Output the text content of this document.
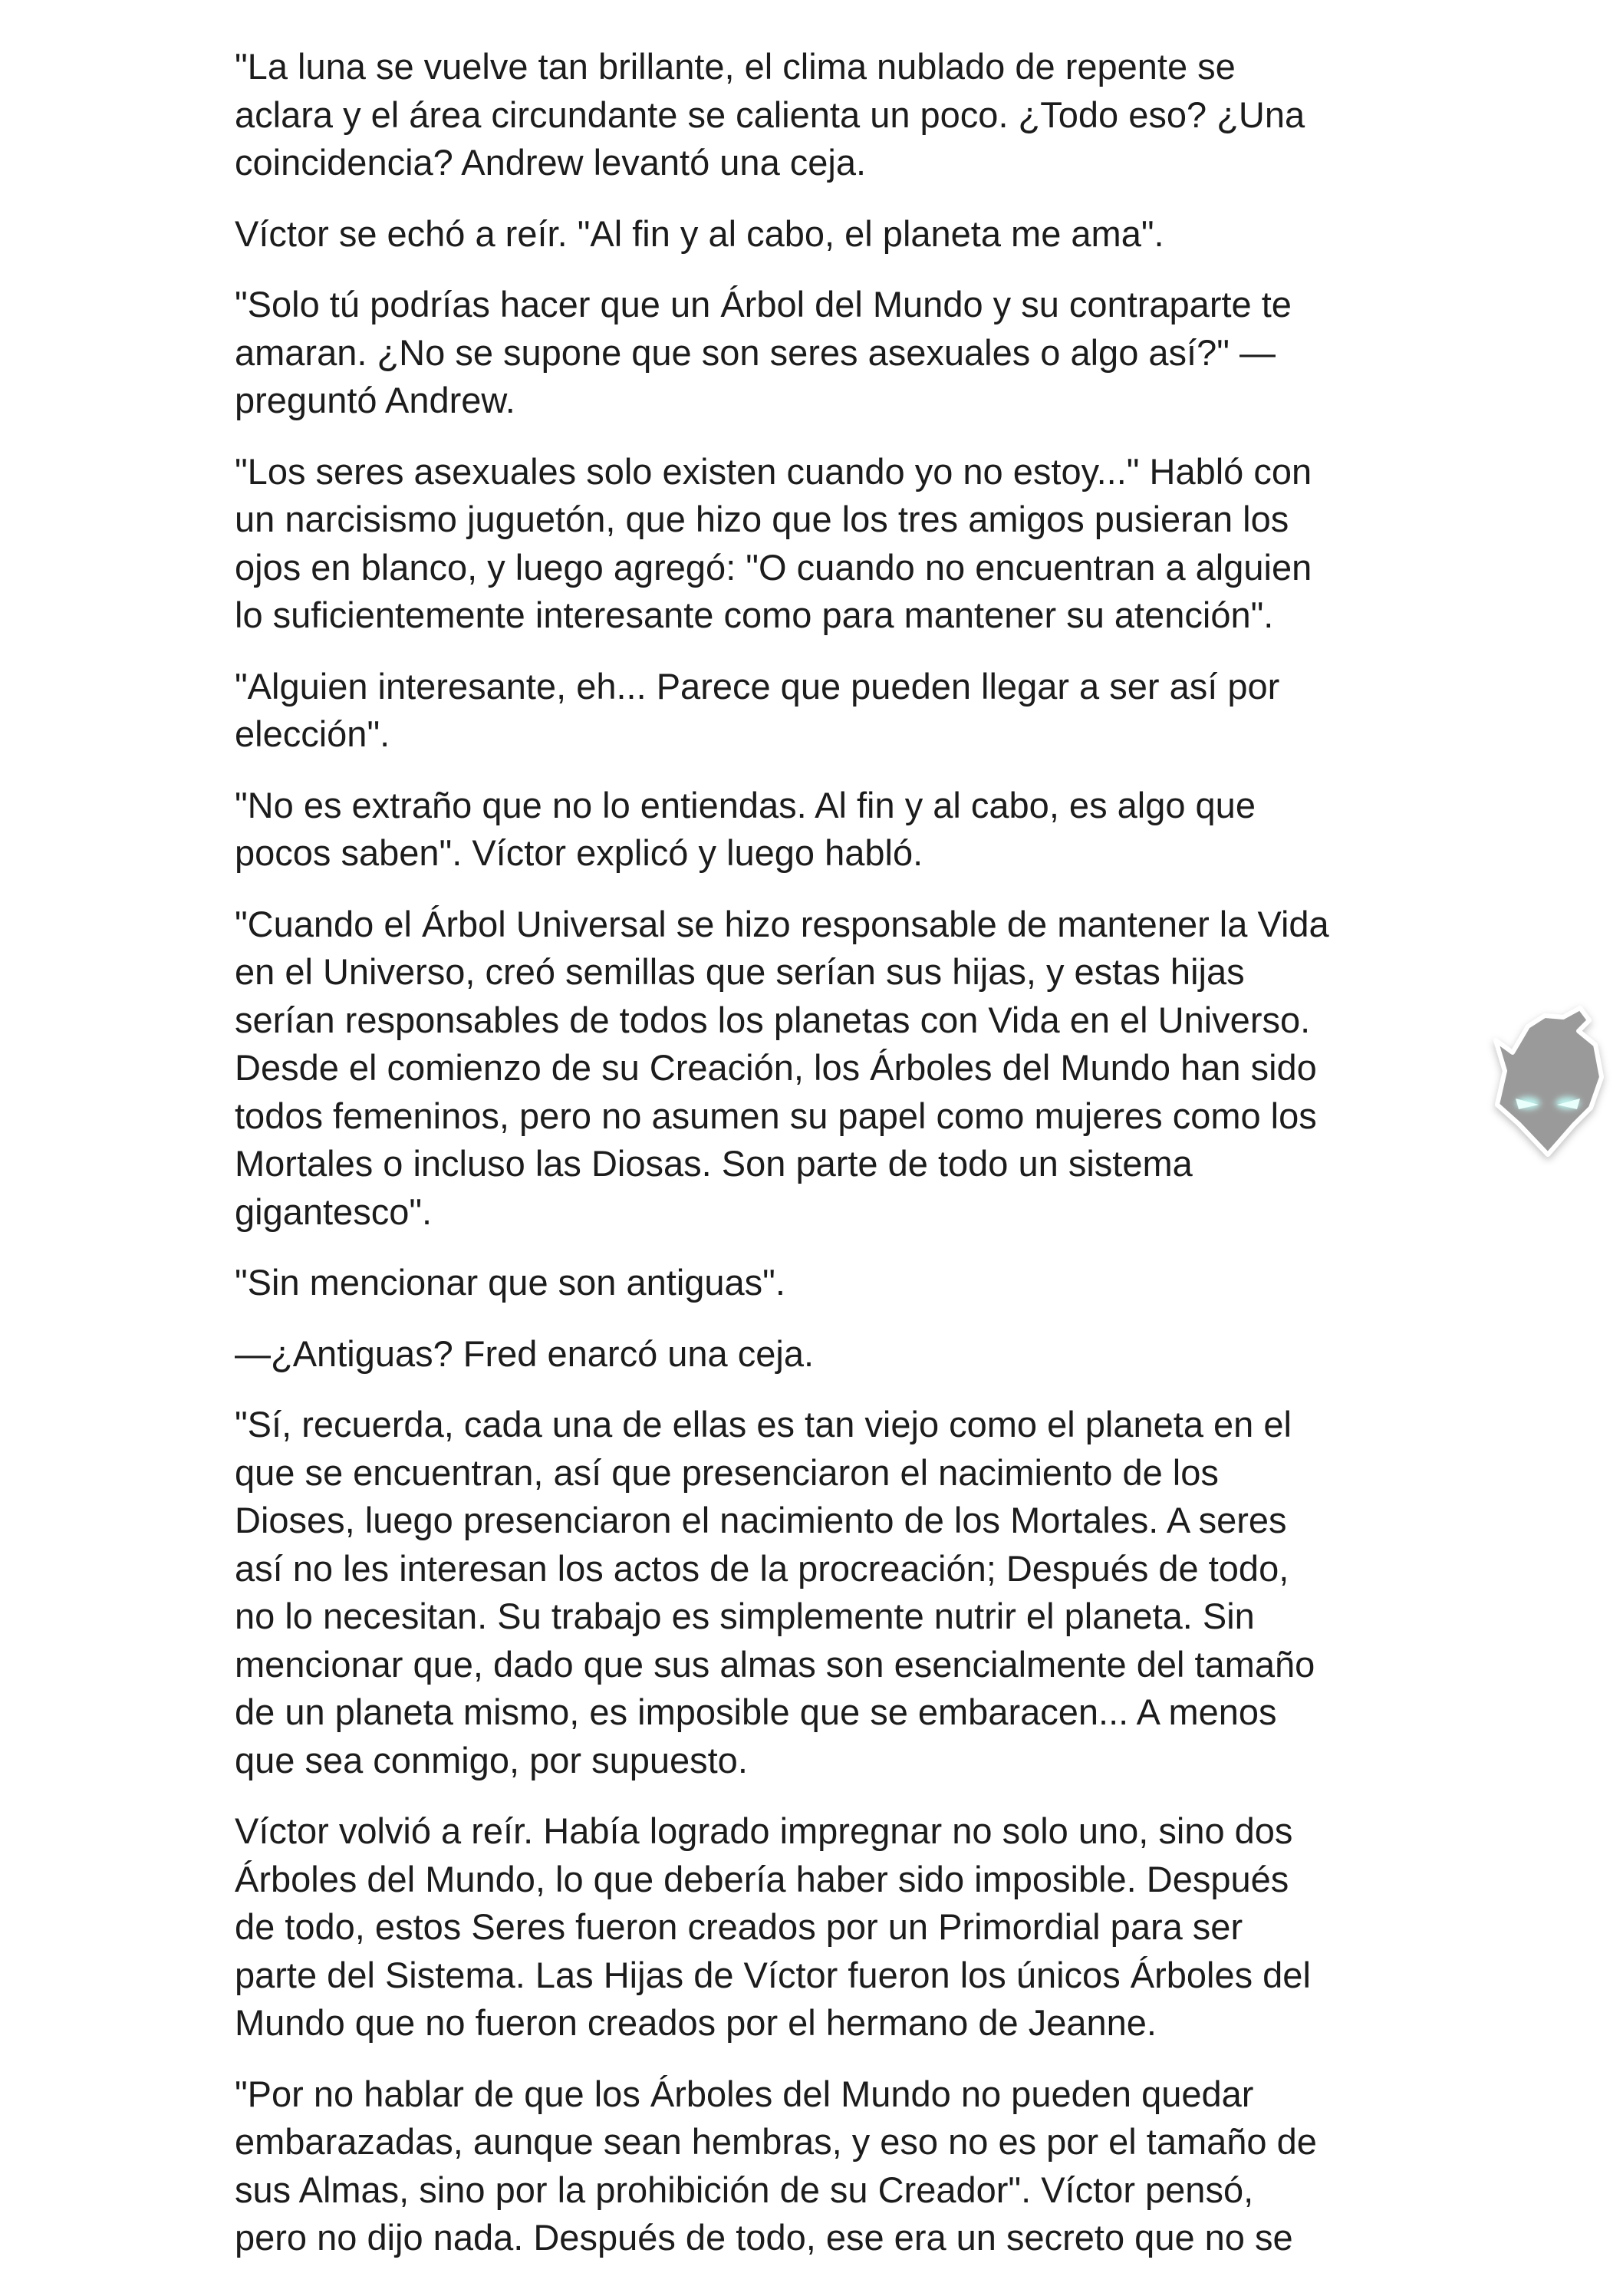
"La luna se vuelve tan brillante, el clima nublado de repente se
aclara y el área circundante se calienta un poco. ¿Todo eso? ¿Una
coincidencia? Andrew levantó una ceja.

Víctor se echó a reír. "Al fin y al cabo, el planeta me ama".

"Solo tú podrías hacer que un Árbol del Mundo y su contraparte te
amaran. ¿No se supone que son seres asexuales o algo así?" —
preguntó Andrew.

"Los seres asexuales solo existen cuando yo no estoy..." Habló con
un narcisismo juguetón, que hizo que los tres amigos pusieran los
ojos en blanco, y luego agregó: "O cuando no encuentran a alguien
lo suficientemente interesante como para mantener su atención".

"Alguien interesante, eh... Parece que pueden llegar a ser así por
elección".

"No es extraño que no lo entiendas. Al fin y al cabo, es algo que
pocos saben". Víctor explicó y luego habló.

"Cuando el Árbol Universal se hizo responsable de mantener la Vida
en el Universo, creó semillas que serían sus hijas, y estas hijas
serían responsables de todos los planetas con Vida en el Universo.
Desde el comienzo de su Creación, los Árboles del Mundo han sido
todos femeninos, pero no asumen su papel como mujeres como los
Mortales o incluso las Diosas. Son parte de todo un sistema
gigantesco".

"Sin mencionar que son antiguas".

—¿Antiguas? Fred enarcó una ceja.

"Sí, recuerda, cada una de ellas es tan viejo como el planeta en el
que se encuentran, así que presenciaron el nacimiento de los
Dioses, luego presenciaron el nacimiento de los Mortales. A seres
así no les interesan los actos de la procreación; Después de todo,
no lo necesitan. Su trabajo es simplemente nutrir el planeta. Sin
mencionar que, dado que sus almas son esencialmente del tamaño
de un planeta mismo, es imposible que se embaracen... A menos
que sea conmigo, por supuesto.

Víctor volvió a reír. Había logrado impregnar no solo uno, sino dos
Árboles del Mundo, lo que debería haber sido imposible. Después
de todo, estos Seres fueron creados por un Primordial para ser
parte del Sistema. Las Hijas de Víctor fueron los únicos Árboles del
Mundo que no fueron creados por el hermano de Jeanne.

"Por no hablar de que los Árboles del Mundo no pueden quedar
embarazadas, aunque sean hembras, y eso no es por el tamaño de
sus Almas, sino por la prohibición de su Creador". Víctor pensó,
pero no dijo nada. Después de todo, ese era un secreto que no se
